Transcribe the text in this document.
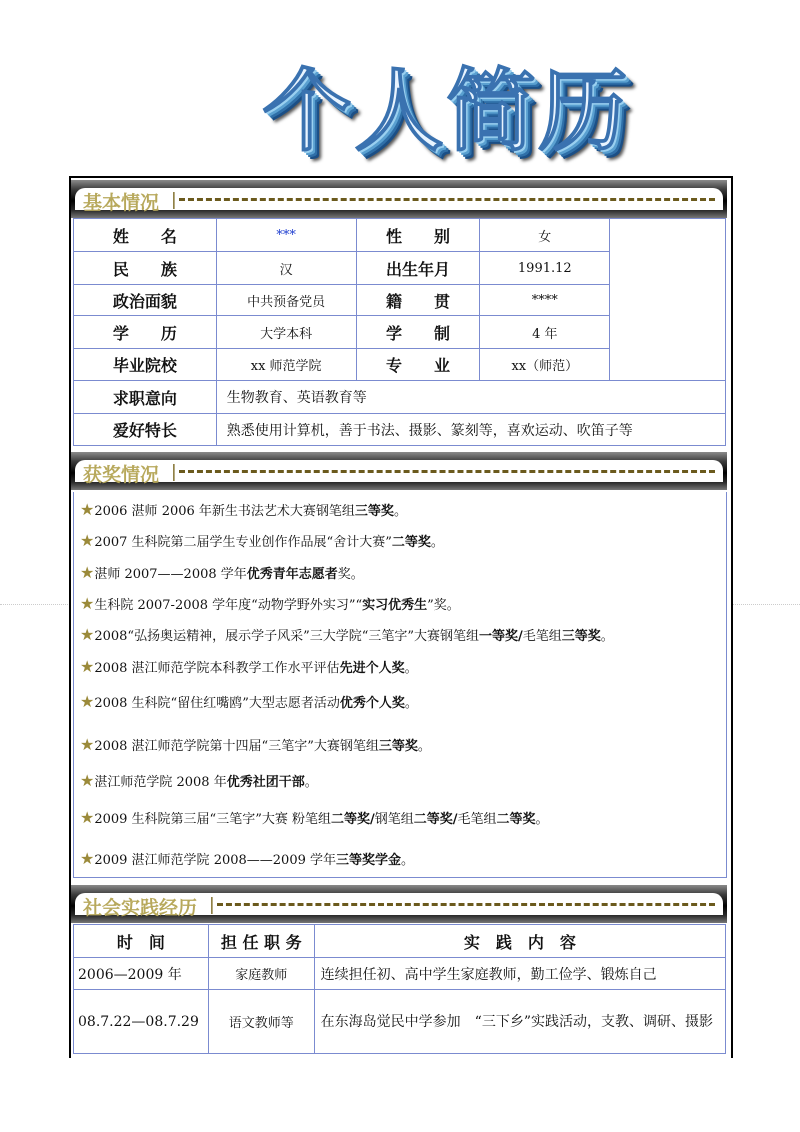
个人简历
基本情况 |
姓　　名	***	性　　别	女	
民　　族	汉	出生年月	1991.12	
政治面貌	中共预备党员	籍　　贯	****	
学　　历	大学本科	学　　制	4 年	
毕业院校	xx 师范学院	专　　业	xx（师范）	
求职意向	生物教育、英语教育等			
爱好特长	熟悉使用计算机，善于书法、摄影、篆刻等，喜欢运动、吹笛子等			
获奖情况 |
★2006 湛师 2006 年新生书法艺术大赛钢笔组三等奖。
★2007 生科院第二届学生专业创作作品展“舍计大赛”二等奖。
★湛师 2007——2008 学年优秀青年志愿者奖。
★生科院 2007-2008 学年度“动物学野外实习”“实习优秀生”奖。
★2008“弘扬奥运精神，展示学子风采”三大学院“三笔字”大赛钢笔组一等奖/毛笔组三等奖。
★2008 湛江师范学院本科教学工作水平评估先进个人奖。
★2008 生科院“留住红嘴鸥”大型志愿者活动优秀个人奖。
★2008 湛江师范学院第十四届“三笔字”大赛钢笔组三等奖。
★湛江师范学院 2008 年优秀社团干部。
★2009 生科院第三届“三笔字”大赛 粉笔组二等奖/钢笔组二等奖/毛笔组二等奖。
★2009 湛江师范学院 2008——2009 学年三等奖学金。
社会实践经历 |
时　间	担 任 职 务	实　践　内　容
2006—2009 年	家庭教师	连续担任初、高中学生家庭教师，勤工俭学、锻炼自己
08.7.22—08.7.29	语文教师等	在东海岛觉民中学参加　“三下乡”实践活动，支教、调研、摄影
